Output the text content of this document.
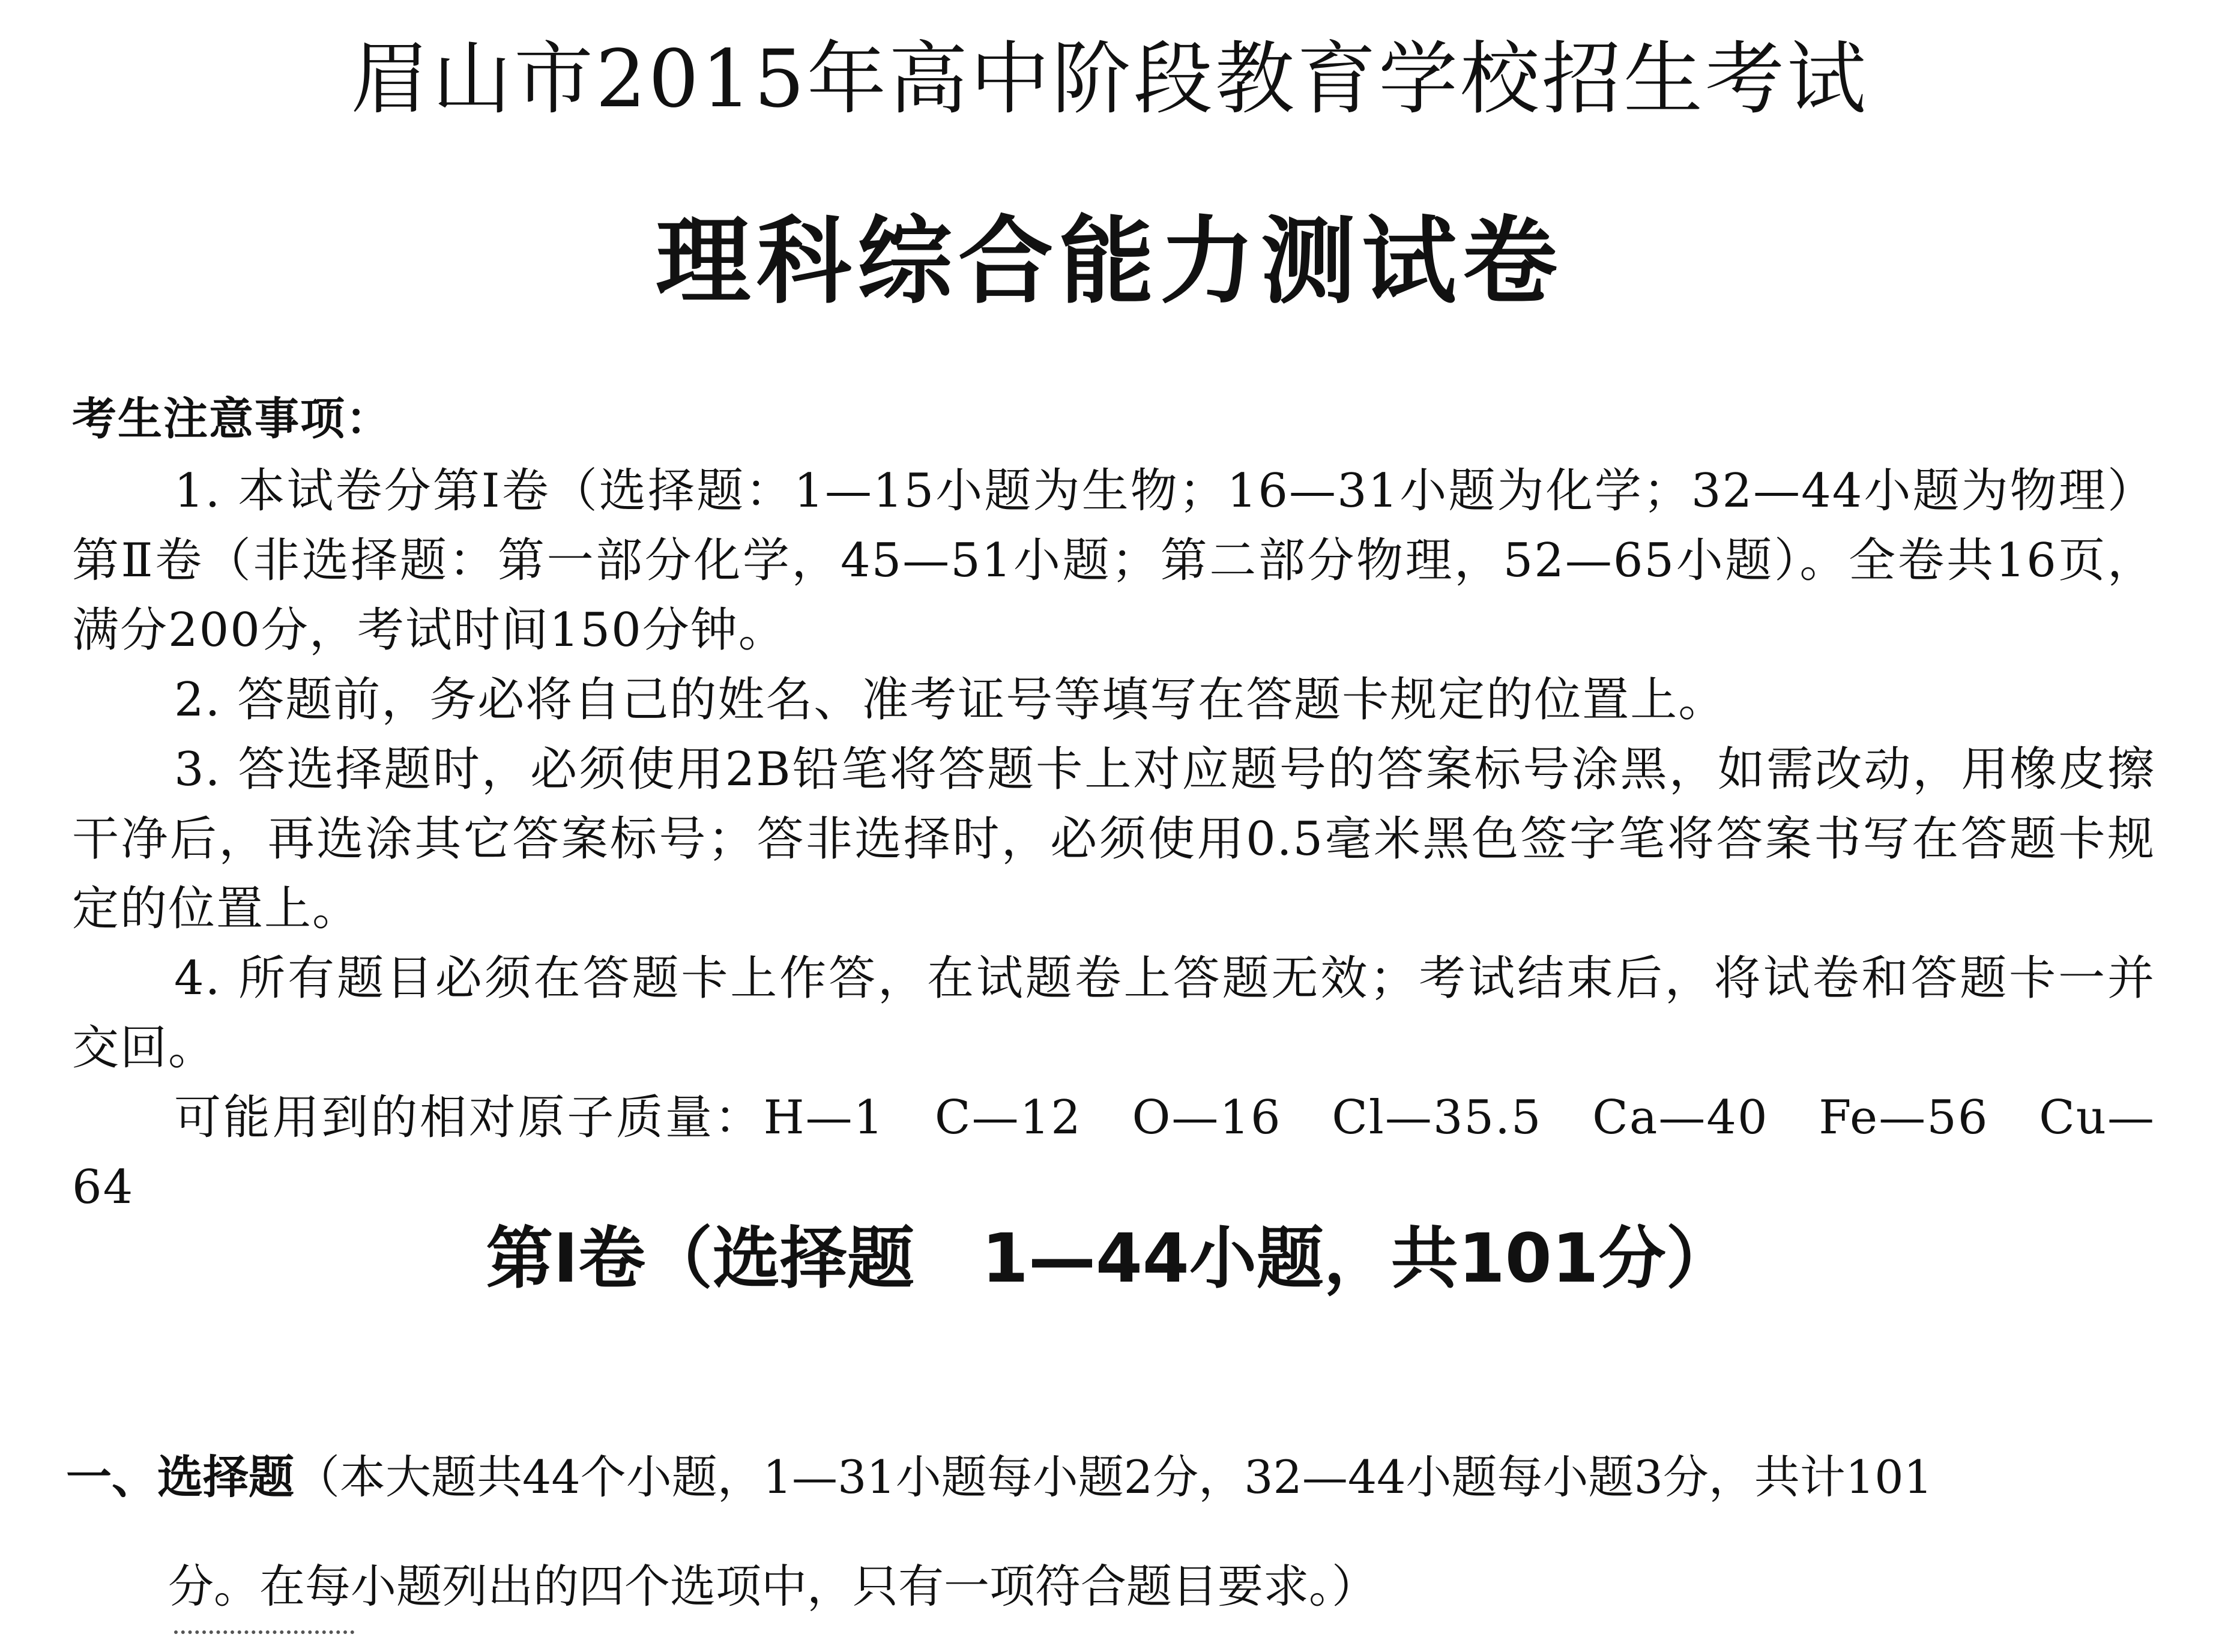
眉山市2015年高中阶段教育学校招生考试
理科综合能力测试卷
考生注意事项：

1. 本试卷分第Ⅰ卷（选择题：1—15小题为生物；16—31小题为化学；32—44小题为物理）第Ⅱ卷（非选择题：第一部分化学，45—51小题；第二部分物理，52—65小题）。全卷共16页，满分200分，考试时间150分钟。

2. 答题前，务必将自己的姓名、准考证号等填写在答题卡规定的位置上。

3. 答选择题时，必须使用2B铅笔将答题卡上对应题号的答案标号涂黑，如需改动，用橡皮擦干净后，再选涂其它答案标号；答非选择时，必须使用0.5毫米黑色签字笔将答案书写在答题卡规定的位置上。

4. 所有题目必须在答题卡上作答，在试题卷上答题无效；考试结束后，将试卷和答题卡一并交回。

可能用到的相对原子质量：H—1　C—12　O—16　Cl—35.5　Ca—40　Fe—56　Cu—64

第Ⅰ卷（选择题　1—44小题，共101分）
一、选择题（本大题共44个小题，1—31小题每小题2分，32—44小题每小题3分，共计101
分。在每小题列出的四个选项中，只有一项符合题目要求。）
